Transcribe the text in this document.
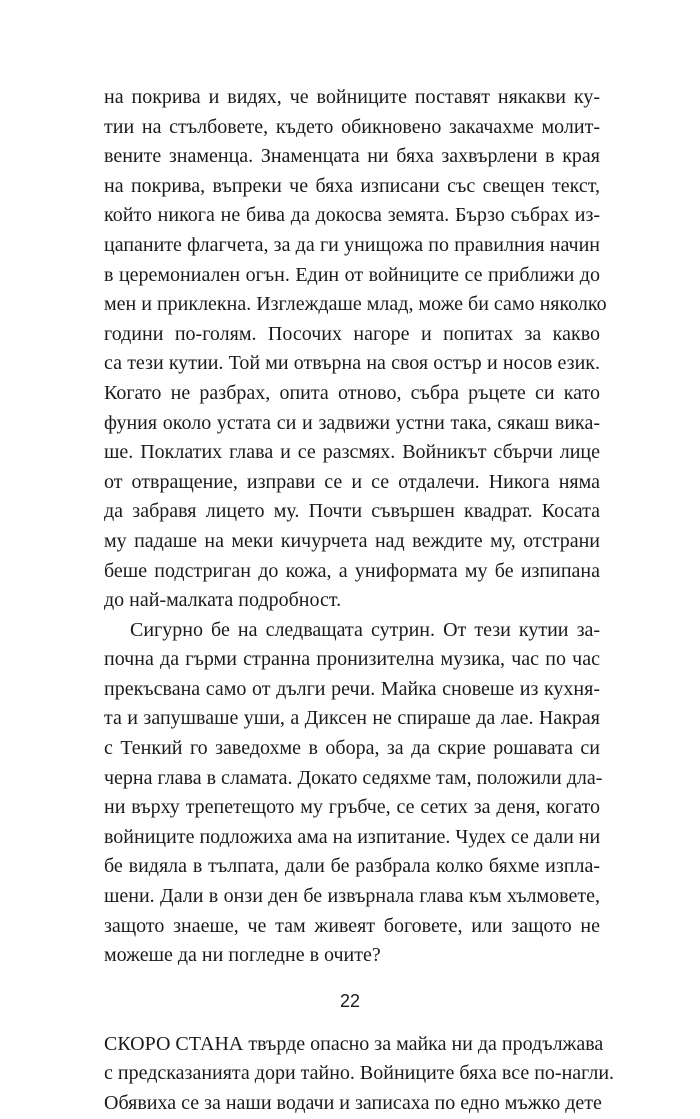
на покрива и видях, че войниците поставят някакви ку-
тии на стълбовете, където обикновено закачахме молит-
вените знаменца. Знаменцата ни бяха захвърлени в края
на покрива, въпреки че бяха изписани със свещен текст,
който никога не бива да докосва земята. Бързо събрах из-
цапаните флагчета, за да ги унищожа по правилния начин
в церемониален огън. Един от войниците се приближи до
мен и приклекна. Изглеждаше млад, може би само няколко
години по-голям. Посочих нагоре и попитах за какво
са тези кутии. Той ми отвърна на своя остър и носов език.
Когато не разбрах, опита отново, събра ръцете си като
фуния около устата си и задвижи устни така, сякаш вика-
ше. Поклатих глава и се разсмях. Войникът сбърчи лице
от отвращение, изправи се и се отдалечи. Никога няма
да забравя лицето му. Почти съвършен квадрат. Косата
му падаше на меки кичурчета над веждите му, отстрани
беше подстриган до кожа, а униформата му бе изпипана
до най-малката подробност.

Сигурно бе на следващата сутрин. От тези кутии за-
почна да гърми странна пронизителна музика, час по час
прекъсвана само от дълги речи. Майка сновеше из кухня-
та и запушваше уши, а Диксен не спираше да лае. Накрая
с Тенкий го заведохме в обора, за да скрие рошавата си
черна глава в сламата. Докато седяхме там, положили дла-
ни върху трепетещото му гръбче, се сетих за деня, когато
войниците подложиха ама на изпитание. Чудех се дали ни
бе видяла в тълпата, дали бе разбрала колко бяхме изпла-
шени. Дали в онзи ден бе извърнала глава към хълмовете,
защото знаеше, че там живеят боговете, или защото не
можеше да ни погледне в очите?

СКОРО СТАНА твърде опасно за майка ни да продължава
с предсказанията дори тайно. Войниците бяха все по-нагли.
Обявиха се за наши водачи и записаха по едно мъжко дете

22
